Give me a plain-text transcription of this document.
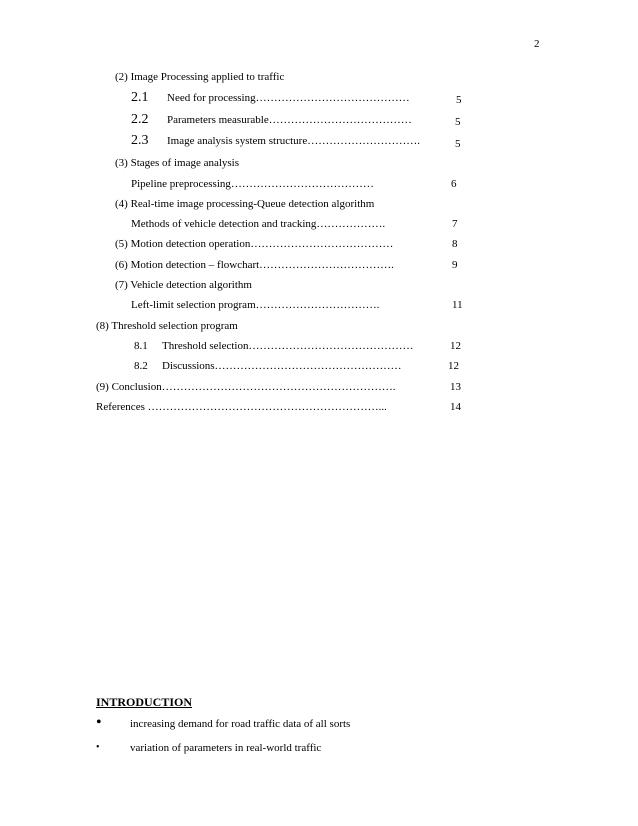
2
(2) Image Processing applied to traffic
2.1 Need for processing……………………………………	5
2.2 Parameters measurable…………………………………	5
2.3 Image analysis system structure………………………….	5
(3) Stages of image analysis
Pipeline preprocessing…………………………………	6
(4) Real-time image processing-Queue detection algorithm
Methods of vehicle detection and tracking……………….	7
(5) Motion detection operation…………………………………	8
(6) Motion detection – flowchart……………………………….	9
(7) Vehicle detection algorithm
Left-limit selection program…………………………….	11
(8) Threshold selection program
8.1 Threshold selection………………………………………	12
8.2 Discussions……………………………………………	12
(9) Conclusion……………………………………………………….	13
References ………………………………………………………...	14
INTRODUCTION
•	increasing demand for road traffic data of all sorts
•	variation of parameters in real-world traffic
